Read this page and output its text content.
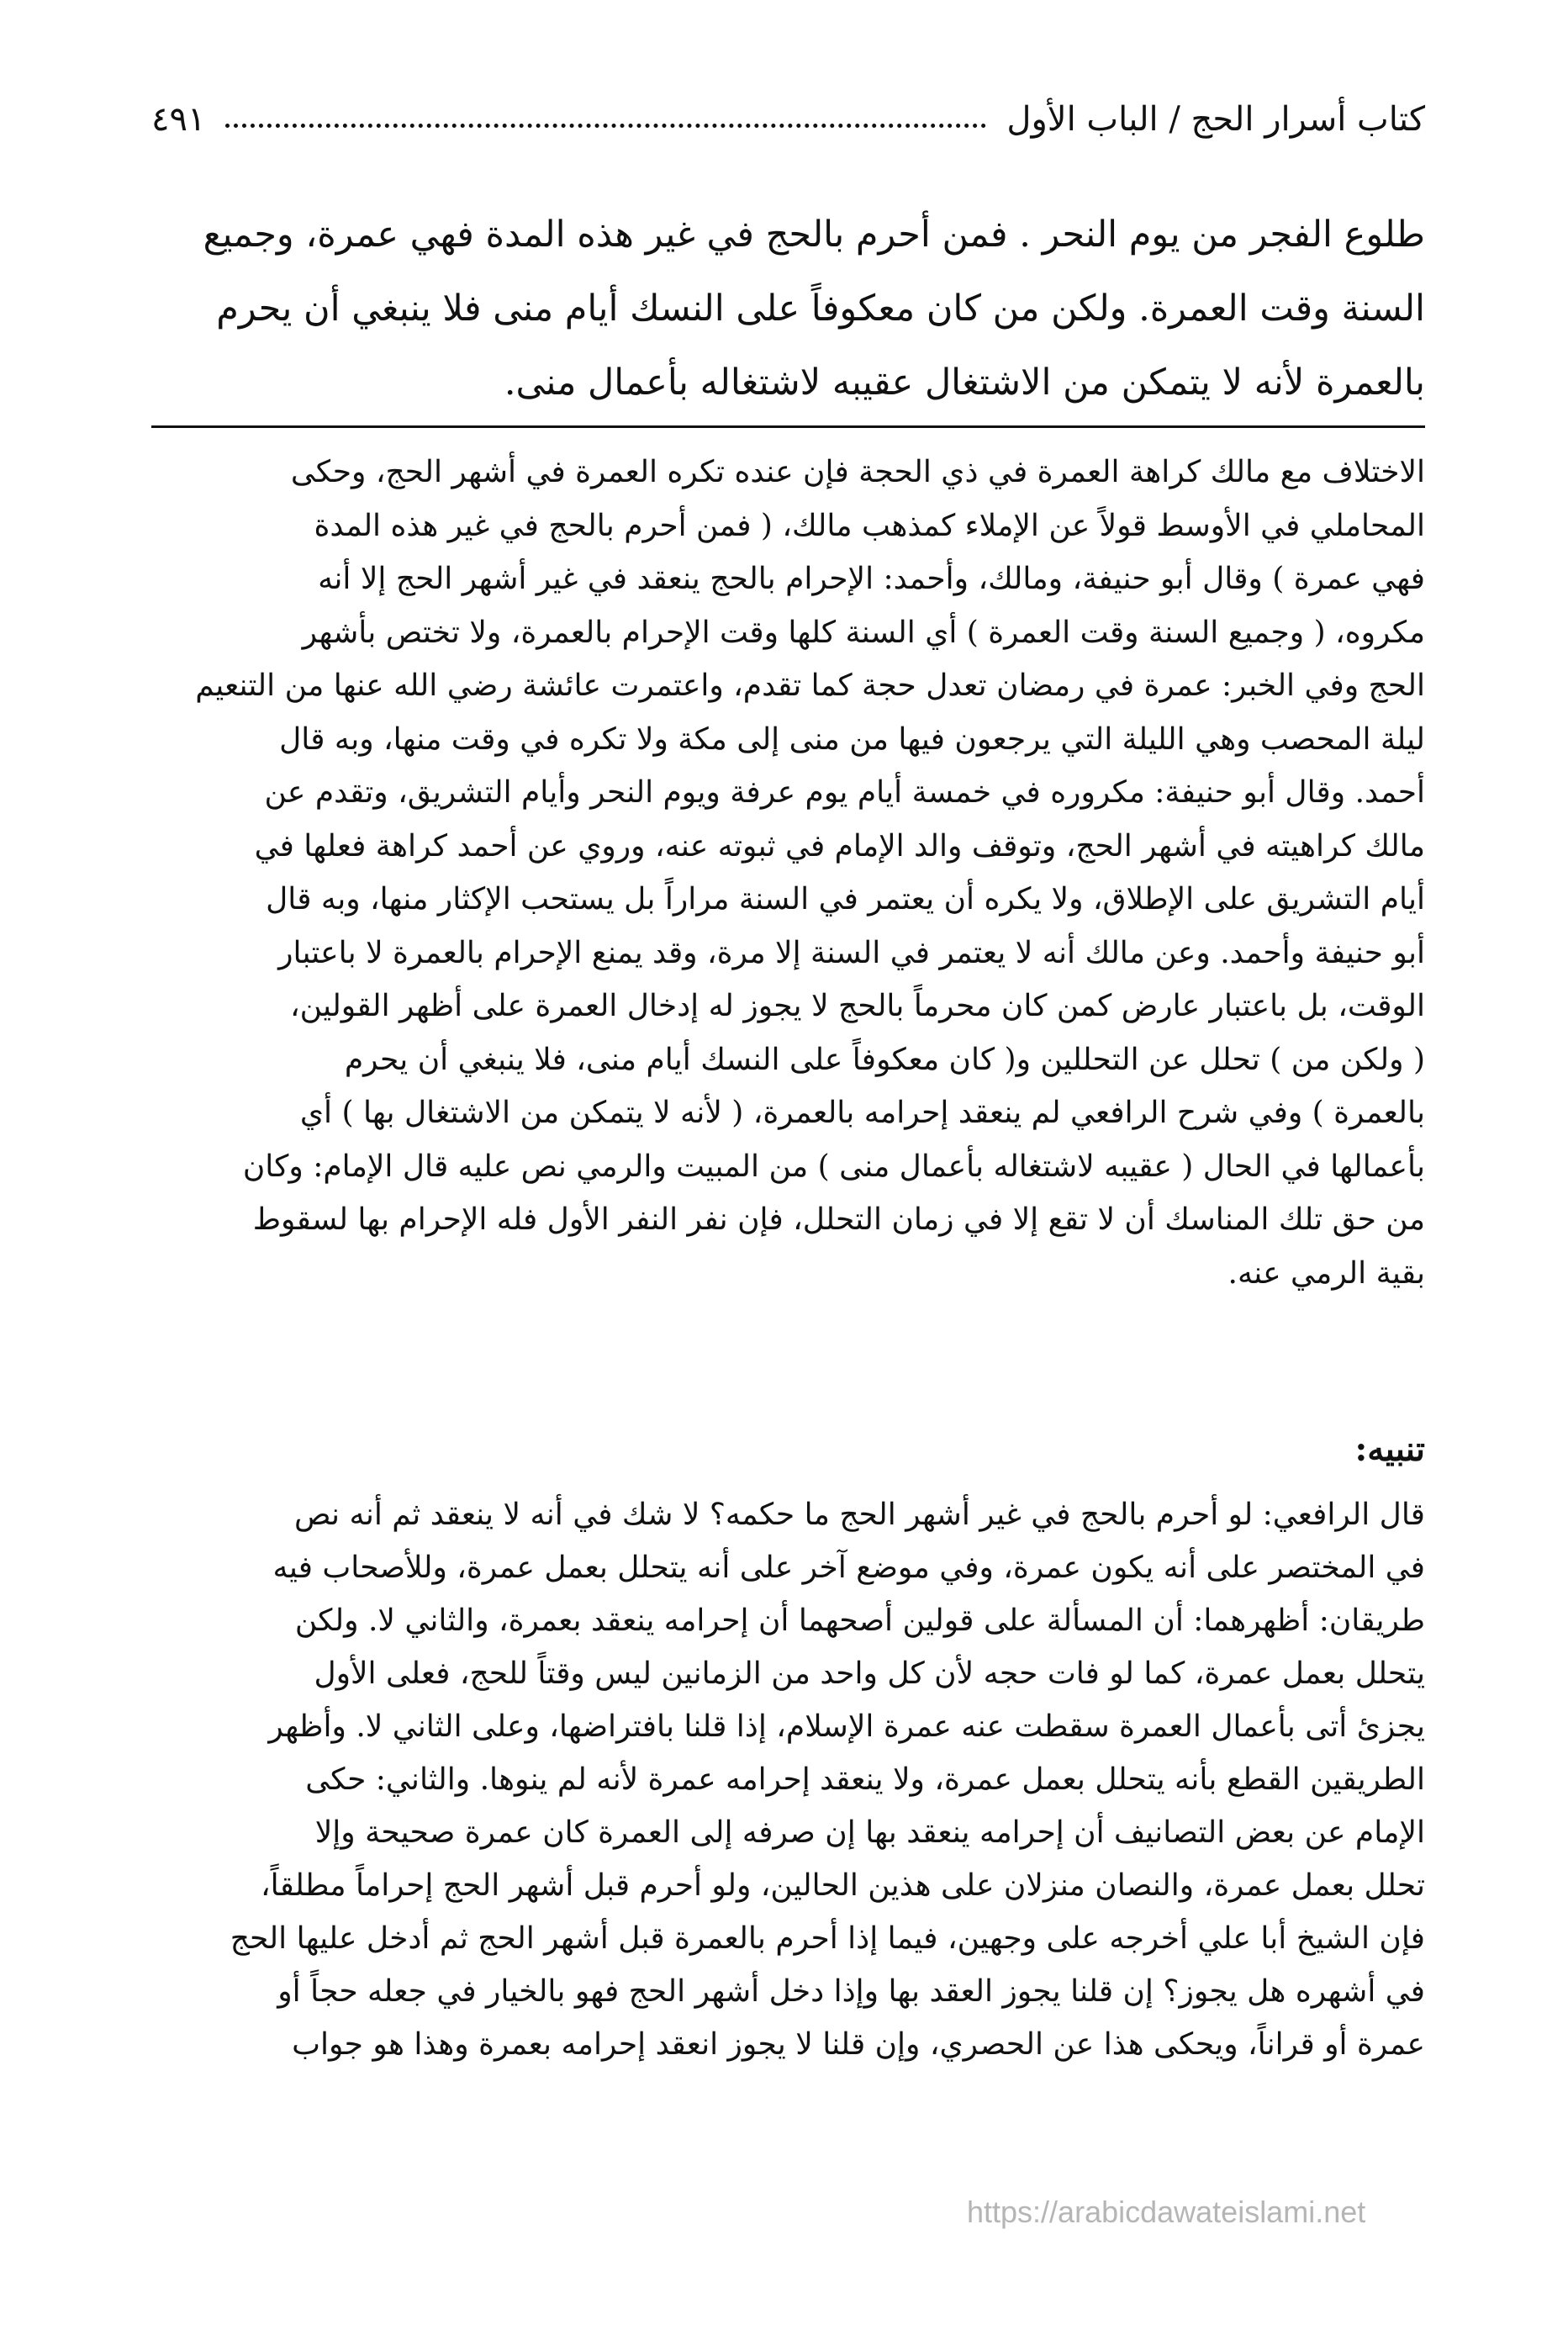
كتاب أسرار الحج / الباب الأول
٤٩١
طلوع الفجر من يوم النحر . فمن أحرم بالحج في غير هذه المدة فهي عمرة، وجميع
السنة وقت العمرة. ولكن من كان معكوفاً على النسك أيام منى فلا ينبغي أن يحرم
بالعمرة لأنه لا يتمكن من الاشتغال عقيبه لاشتغاله بأعمال منى.
الاختلاف مع مالك كراهة العمرة في ذي الحجة فإن عنده تكره العمرة في أشهر الحج، وحكى
المحاملي في الأوسط قولاً عن الإملاء كمذهب مالك، ( فمن أحرم بالحج في غير هذه المدة
فهي عمرة ) وقال أبو حنيفة، ومالك، وأحمد: الإحرام بالحج ينعقد في غير أشهر الحج إلا أنه
مكروه، ( وجميع السنة وقت العمرة ) أي السنة كلها وقت الإحرام بالعمرة، ولا تختص بأشهر
الحج وفي الخبر: عمرة في رمضان تعدل حجة كما تقدم، واعتمرت عائشة رضي الله عنها من التنعيم
ليلة المحصب وهي الليلة التي يرجعون فيها من منى إلى مكة ولا تكره في وقت منها، وبه قال
أحمد. وقال أبو حنيفة: مكروره في خمسة أيام يوم عرفة ويوم النحر وأيام التشريق، وتقدم عن
مالك كراهيته في أشهر الحج، وتوقف والد الإمام في ثبوته عنه، وروي عن أحمد كراهة فعلها في
أيام التشريق على الإطلاق، ولا يكره أن يعتمر في السنة مراراً بل يستحب الإكثار منها، وبه قال
أبو حنيفة وأحمد. وعن مالك أنه لا يعتمر في السنة إلا مرة، وقد يمنع الإحرام بالعمرة لا باعتبار
الوقت، بل باعتبار عارض كمن كان محرماً بالحج لا يجوز له إدخال العمرة على أظهر القولين،
( ولكن من ) تحلل عن التحللين و( كان معكوفاً على النسك أيام منى، فلا ينبغي أن يحرم
بالعمرة ) وفي شرح الرافعي لم ينعقد إحرامه بالعمرة، ( لأنه لا يتمكن من الاشتغال بها ) أي
بأعمالها في الحال ( عقيبه لاشتغاله بأعمال منى ) من المبيت والرمي نص عليه قال الإمام: وكان
من حق تلك المناسك أن لا تقع إلا في زمان التحلل، فإن نفر النفر الأول فله الإحرام بها لسقوط
بقية الرمي عنه.
تنبيه:
قال الرافعي: لو أحرم بالحج في غير أشهر الحج ما حكمه؟ لا شك في أنه لا ينعقد ثم أنه نص
في المختصر على أنه يكون عمرة، وفي موضع آخر على أنه يتحلل بعمل عمرة، وللأصحاب فيه
طريقان: أظهرهما: أن المسألة على قولين أصحهما أن إحرامه ينعقد بعمرة، والثاني لا. ولكن
يتحلل بعمل عمرة، كما لو فات حجه لأن كل واحد من الزمانين ليس وقتاً للحج، فعلى الأول
يجزئ أتى بأعمال العمرة سقطت عنه عمرة الإسلام، إذا قلنا بافتراضها، وعلى الثاني لا. وأظهر
الطريقين القطع بأنه يتحلل بعمل عمرة، ولا ينعقد إحرامه عمرة لأنه لم ينوها. والثاني: حكى
الإمام عن بعض التصانيف أن إحرامه ينعقد بها إن صرفه إلى العمرة كان عمرة صحيحة وإلا
تحلل بعمل عمرة، والنصان منزلان على هذين الحالين، ولو أحرم قبل أشهر الحج إحراماً مطلقاً،
فإن الشيخ أبا علي أخرجه على وجهين، فيما إذا أحرم بالعمرة قبل أشهر الحج ثم أدخل عليها الحج
في أشهره هل يجوز؟ إن قلنا يجوز العقد بها وإذا دخل أشهر الحج فهو بالخيار في جعله حجاً أو
عمرة أو قراناً، ويحكى هذا عن الحصري، وإن قلنا لا يجوز انعقد إحرامه بعمرة وهذا هو جواب
https://arabicdawateislami.net
